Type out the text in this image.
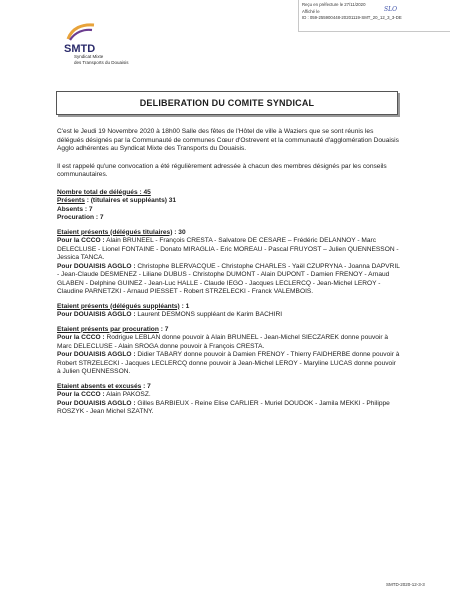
Reçu en préfecture le 27/11/2020
Affiché le
ID : 059-255900448-20201119-SMT_20_12_3_3-DE
SLO
SMTD
Syndicat Mixte
des Transports du Douaisis
DELIBERATION DU COMITE SYNDICAL

C'est le Jeudi 19 Novembre 2020 à 18h00 Salle des fêtes de l'Hôtel de ville à Waziers que se sont réunis les délégués désignés par la Communauté de communes Cœur d'Ostrevent et la communauté d'agglomération Douaisis Agglo adhérentes au Syndicat Mixte des Transports du Douaisis.

Il est rappelé qu'une convocation a été régulièrement adressée à chacun des membres désignés par les conseils communautaires.

Nombre total de délégués : 45

Présents : (titulaires et suppléants) 31

Absents : 7

Procuration : 7

Etaient présents (délégués titulaires) : 30

Pour la CCCO : Alain BRUNEEL - François CRESTA - Salvatore DE CESARE – Frédéric DELANNOY - Marc DELECLUSE - Lionel FONTAINE - Donato MIRAGLIA - Eric MOREAU - Pascal FRUYOST – Julien QUENNESSON - Jessica TANCA.

Pour DOUAISIS AGGLO : Christophe BLERVACQUE - Christophe CHARLES - Yaël CZUPRYNA - Joanna DAPVRIL - Jean-Claude DESMENEZ - Liliane DUBUS - Christophe DUMONT - Alain DUPONT - Damien FRENOY - Arnaud GLABEN - Delphine GUINEZ - Jean-Luc HALLE - Claude IEGO - Jacques LECLERCQ - Jean-Michel LEROY - Claudine PARNETZKI - Arnaud PIESSET - Robert STRZELECKI - Franck VALEMBOIS.

Etaient présents (délégués suppléants) : 1

Pour DOUAISIS AGGLO : Laurent DESMONS suppléant de Karim BACHIRI

Etaient présents par procuration : 7

Pour la CCCO : Rodrigue LEBLAN donne pouvoir à Alain BRUNEEL - Jean-Michel SIECZAREK donne pouvoir à Marc DELECLUSE - Alain SROGA donne pouvoir à François CRESTA.

Pour DOUAISIS AGGLO : Didier TABARY donne pouvoir à Damien FRENOY - Thierry FAIDHERBE donne pouvoir à Robert STRZELECKI - Jacques LECLERCQ donne pouvoir à Jean-Michel LEROY - Maryline LUCAS donne pouvoir à Julien QUENNESSON.

Etaient absents et excusés : 7

Pour la CCCO : Alain PAKOSZ.

Pour DOUAISIS AGGLO : Gilles BARBIEUX - Reine Elise CARLIER - Muriel DOUDOK - Jamila MEKKI - Philippe ROSZYK - Jean Michel SZATNY.

SMTD-2020-12-3-3
